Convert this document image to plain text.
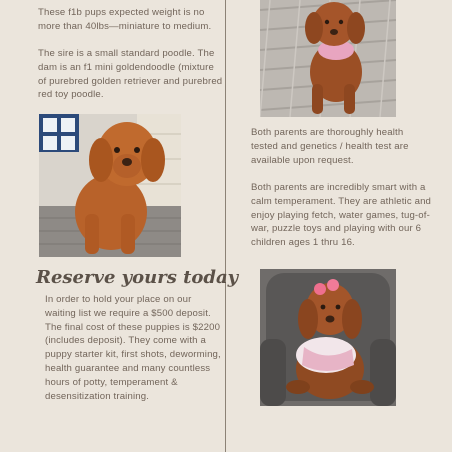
These f1b pups expected weight is no more than 40lbs—miniature to medium.

The sire is a small standard poodle. The dam is an f1 mini goldendoodle (mixture of purebred golden retriever and purebred red toy poodle.

Reserve yours today

In order to hold your place on our waiting list we require a $500 deposit. The final cost of these puppies is $2200 (includes deposit). They come with a puppy starter kit, first shots, deworming, health guarantee and many countless hours of potty, temperament & desensitization training.

Both parents are thoroughly health tested and genetics / health test are available upon request.

Both parents are incredibly smart with a calm temperament. They are athletic and enjoy playing fetch, water games, tug-of-war, puzzle toys and playing with our 6 children ages 1 thru 16.
